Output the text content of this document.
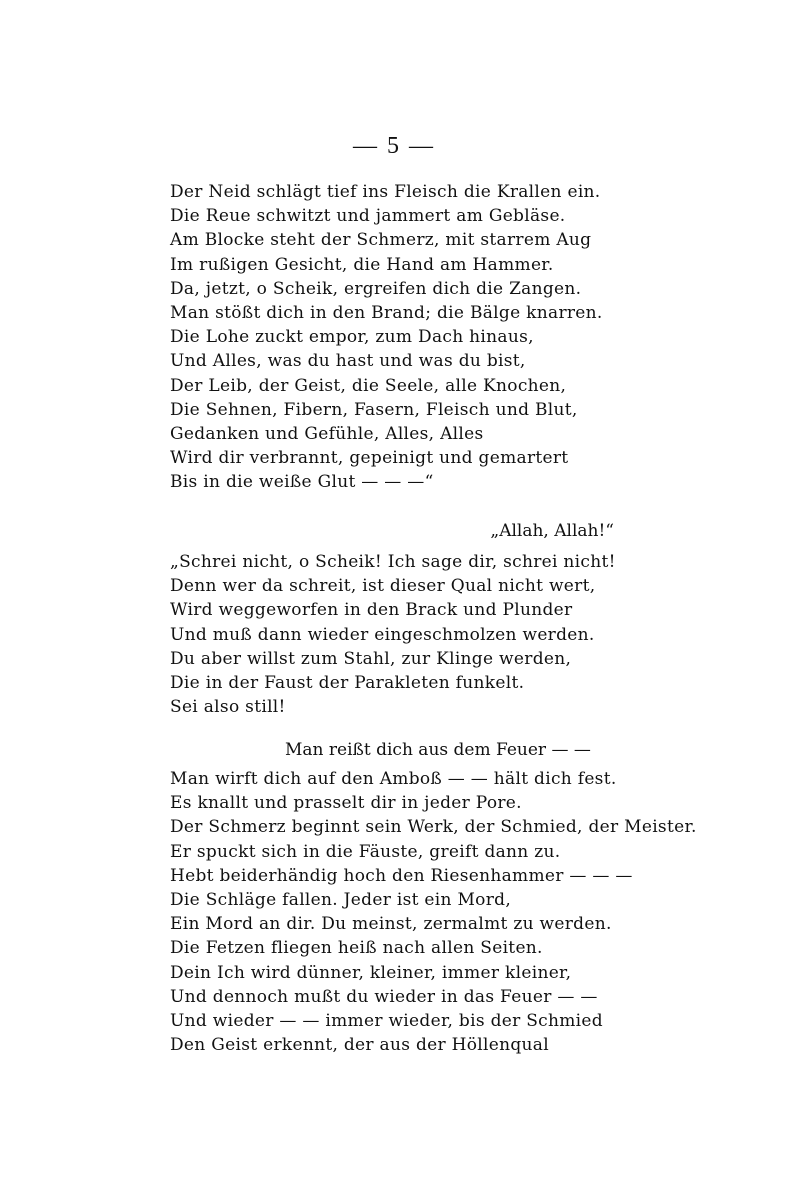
— 5 —
Der Neid schlägt tief ins Fleisch die Krallen ein.
Die Reue schwitzt und jammert am Gebläse.
Am Blocke steht der Schmerz, mit starrem Aug
Im rußigen Gesicht, die Hand am Hammer.
Da, jetzt, o Scheik, ergreifen dich die Zangen.
Man stößt dich in den Brand; die Bälge knarren.
Die Lohe zuckt empor, zum Dach hinaus,
Und Alles, was du hast und was du bist,
Der Leib, der Geist, die Seele, alle Knochen,
Die Sehnen, Fibern, Fasern, Fleisch und Blut,
Gedanken und Gefühle, Alles, Alles
Wird dir verbrannt, gepeinigt und gemartert
Bis in die weiße Glut — — —“
„Allah, Allah!“
„Schrei nicht, o Scheik! Ich sage dir, schrei nicht!
Denn wer da schreit, ist dieser Qual nicht wert,
Wird weggeworfen in den Brack und Plunder
Und muß dann wieder eingeschmolzen werden.
Du aber willst zum Stahl, zur Klinge werden,
Die in der Faust der Parakleten funkelt.
Sei also still!
Man reißt dich aus dem Feuer — —
Man wirft dich auf den Amboß — — hält dich fest.
Es knallt und prasselt dir in jeder Pore.
Der Schmerz beginnt sein Werk, der Schmied, der Meister.
Er spuckt sich in die Fäuste, greift dann zu.
Hebt beiderhändig hoch den Riesenhammer — — —
Die Schläge fallen. Jeder ist ein Mord,
Ein Mord an dir. Du meinst, zermalmt zu werden.
Die Fetzen fliegen heiß nach allen Seiten.
Dein Ich wird dünner, kleiner, immer kleiner,
Und dennoch mußt du wieder in das Feuer — —
Und wieder — — immer wieder, bis der Schmied
Den Geist erkennt, der aus der Höllenqual
